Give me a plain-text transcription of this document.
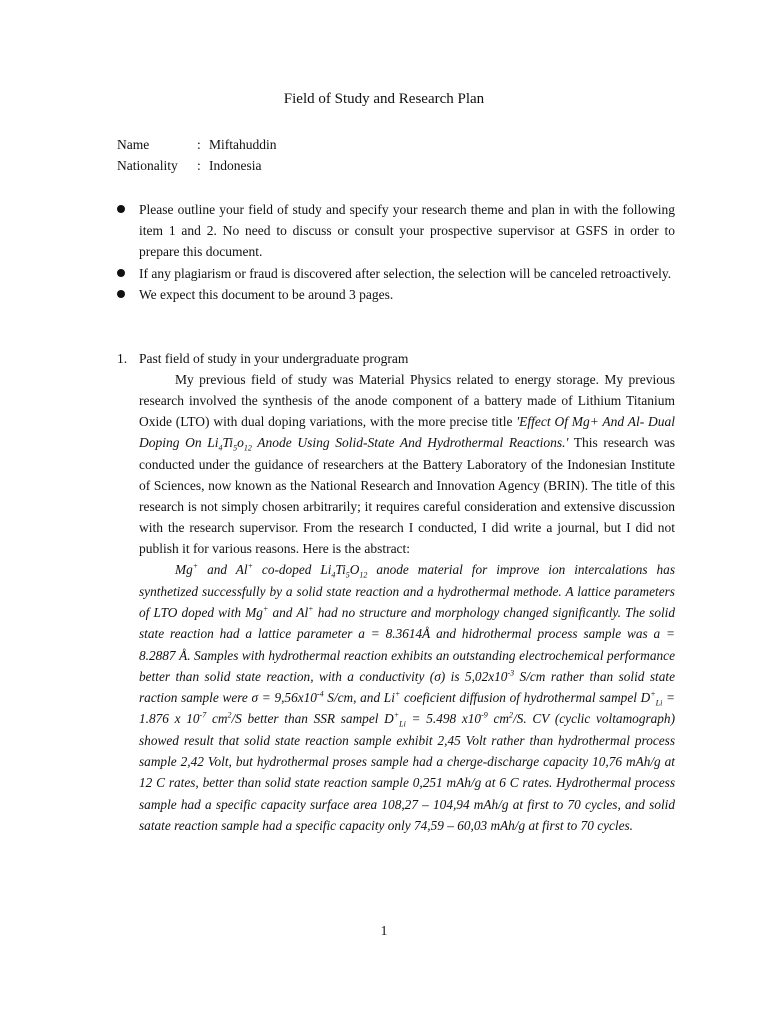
Field of Study and Research Plan
Name	: Miftahuddin
Nationality : Indonesia
Please outline your field of study and specify your research theme and plan in with the following item 1 and 2. No need to discuss or consult your prospective supervisor at GSFS in order to prepare this document.
If any plagiarism or fraud is discovered after selection, the selection will be canceled retroactively.
We expect this document to be around 3 pages.
1. Past field of study in your undergraduate program
My previous field of study was Material Physics related to energy storage. My previous research involved the synthesis of the anode component of a battery made of Lithium Titanium Oxide (LTO) with dual doping variations, with the more precise title 'Effect Of Mg+ And Al- Dual Doping On $Li_4Ti_5o_{12}$ Anode Using Solid-State And Hydrothermal Reactions.' This research was conducted under the guidance of researchers at the Battery Laboratory of the Indonesian Institute of Sciences, now known as the National Research and Innovation Agency (BRIN). The title of this research is not simply chosen arbitrarily; it requires careful consideration and extensive discussion with the research supervisor. From the research I conducted, I did write a journal, but I did not publish it for various reasons. Here is the abstract:
Mg+ and Al+ co-doped $Li_4Ti_5O_{12}$ anode material for improve ion intercalations has synthetized successfully by a solid state reaction and a hydrothermal methode. A lattice parameters of LTO doped with Mg+ and Al+ had no structure and morphology changed significantly. The solid state reaction had a lattice parameter a = 8.3614Å and hidrothermal process sample was a = 8.2887 Å. Samples with hydrothermal reaction exhibits an outstanding electrochemical performance better than solid state reaction, with a conductivity (σ) is $5,02x10^{-3}$ S/cm rather than solid state raction sample were $\sigma = 9,56x10^{-4}$ S/cm, and Li+ coeficient diffusion of hydrothermal sampel $D^+_{Li} = 1.876$ x $10^{-7}$ $cm^2/S$ better than SSR sampel $D^+_{Li} = 5.498$ $x10^{-9}$ $cm^2/S$. CV (cyclic voltamograph) showed result that solid state reaction sample exhibit 2,45 Volt rather than hydrothermal process sample 2,42 Volt, but hydrothermal proses sample had a cherge-discharge capacity 10,76 mAh/g at 12 C rates, better than solid state reaction sample 0,251 mAh/g at 6 C rates. Hydrothermal process sample had a specific capacity surface area 108,27 – 104,94 mAh/g at first to 70 cycles, and solid satate reaction sample had a specific capacity only 74,59 – 60,03 mAh/g at first to 70 cycles.
1
